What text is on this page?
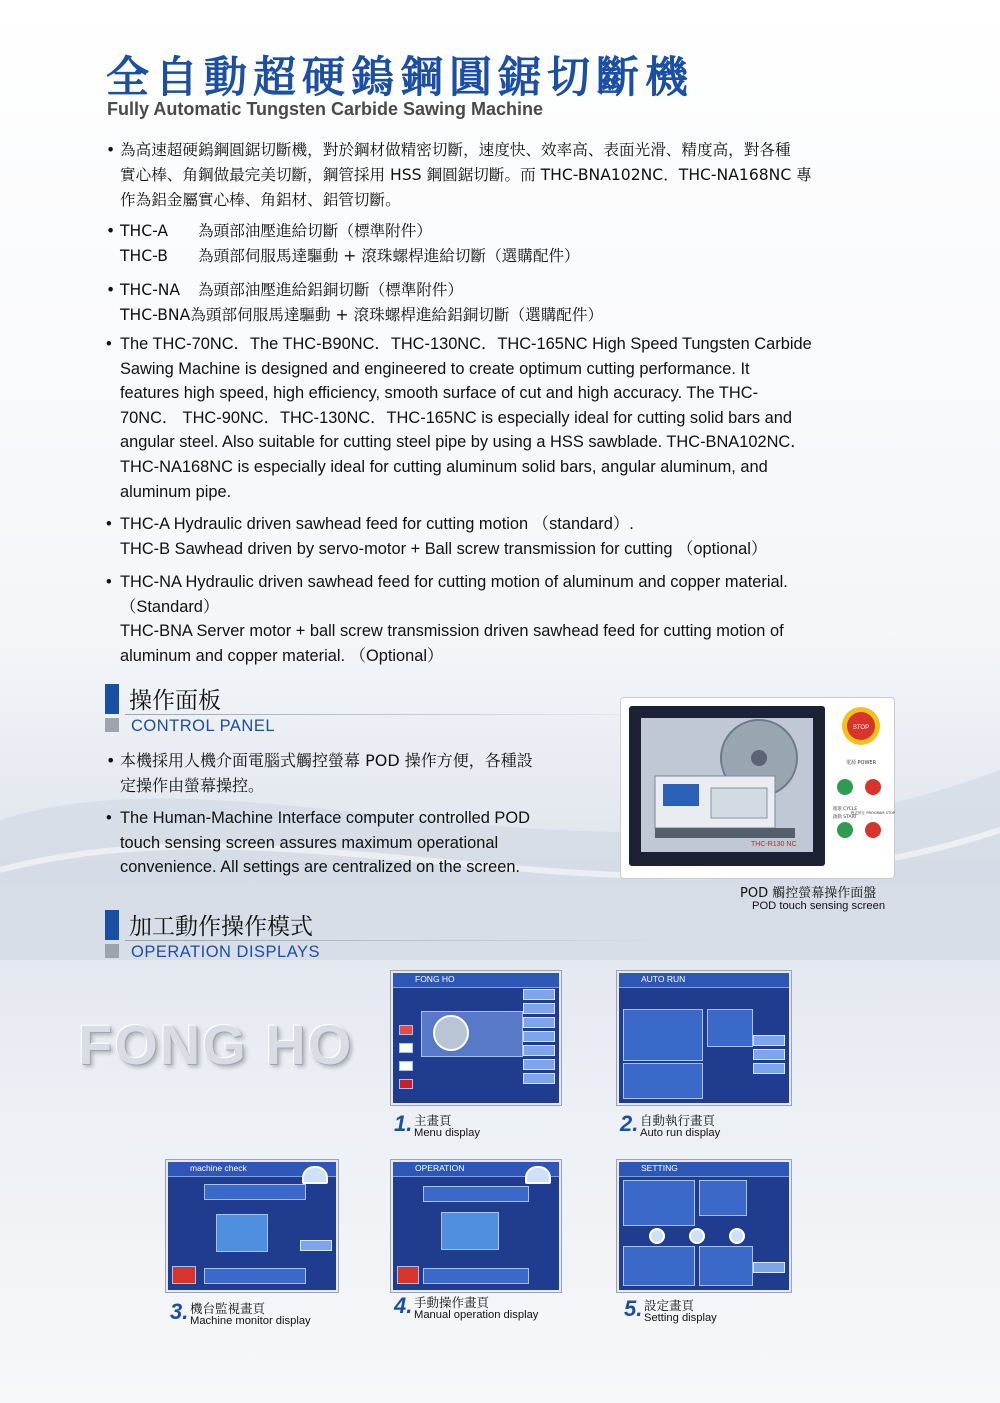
全自動超硬鎢鋼圓鋸切斷機
Fully Automatic Tungsten Carbide Sawing Machine
• 為高速超硬鎢鋼圓鋸切斷機，對於鋼材做精密切斷，速度快、效率高、表面光滑、精度高，對各種
實心棒、角鋼做最完美切斷，鋼管採用 HSS 鋼圓鋸切斷。而 THC-BNA102NC．THC-NA168NC 專
作為鋁金屬實心棒、角鋁材、鋁管切斷。
• THC-A	為頭部油壓進給切斷（標準附件）
THC-B	為頭部伺服馬達驅動 + 滾珠螺桿進給切斷（選購配件）
• THC-NA	為頭部油壓進給鋁銅切斷（標準附件）
THC-BNA 為頭部伺服馬達驅動 + 滾珠螺桿進給鋁銅切斷（選購配件）
• The THC-70NC．The THC-B90NC．THC-130NC．THC-165NC High Speed Tungsten Carbide
Sawing Machine is designed and engineered to create optimum cutting performance. It
features high speed, high efficiency, smooth surface of cut and high accuracy. The THC-
70NC． THC-90NC．THC-130NC．THC-165NC is especially ideal for cutting solid bars and
angular steel. Also suitable for cutting steel pipe by using a HSS sawblade. THC-BNA102NC．
THC-NA168NC is especially ideal for cutting aluminum solid bars, angular aluminum, and
aluminum pipe.
• THC-A Hydraulic driven sawhead feed for cutting motion （standard）.
THC-B Sawhead driven by servo-motor + Ball screw transmission for cutting （optional）
• THC-NA Hydraulic driven sawhead feed for cutting motion of aluminum and copper material.
（Standard）
THC-BNA Server motor + ball screw transmission driven sawhead feed for cutting motion of
aluminum and copper material. （Optional）
操作面板
CONTROL PANEL
• 本機採用人機介面電腦式觸控螢幕 POD 操作方便，各種設
定操作由螢幕操控。
• The Human-Machine Interface computer controlled POD
touch sensing screen assures maximum operational
convenience. All settings are centralized on the screen.
THC-R130 NC
STOP
電源 POWER
循環 CYCLE
啟動 START
程式停止 PROGRAM STOP
POD 觸控螢幕操作面盤
POD touch sensing screen
加工動作操作模式
OPERATION DISPLAYS
FONG HO
FONG HO	AUTO RUN
machine check	OPERATION	SETTING
1. 主畫頁
Menu display	2. 自動執行畫頁
Auto run display
3. 機台監視畫頁
Machine monitor display
4. 手動操作畫頁
Manual operation display	5. 設定畫頁
Setting display
